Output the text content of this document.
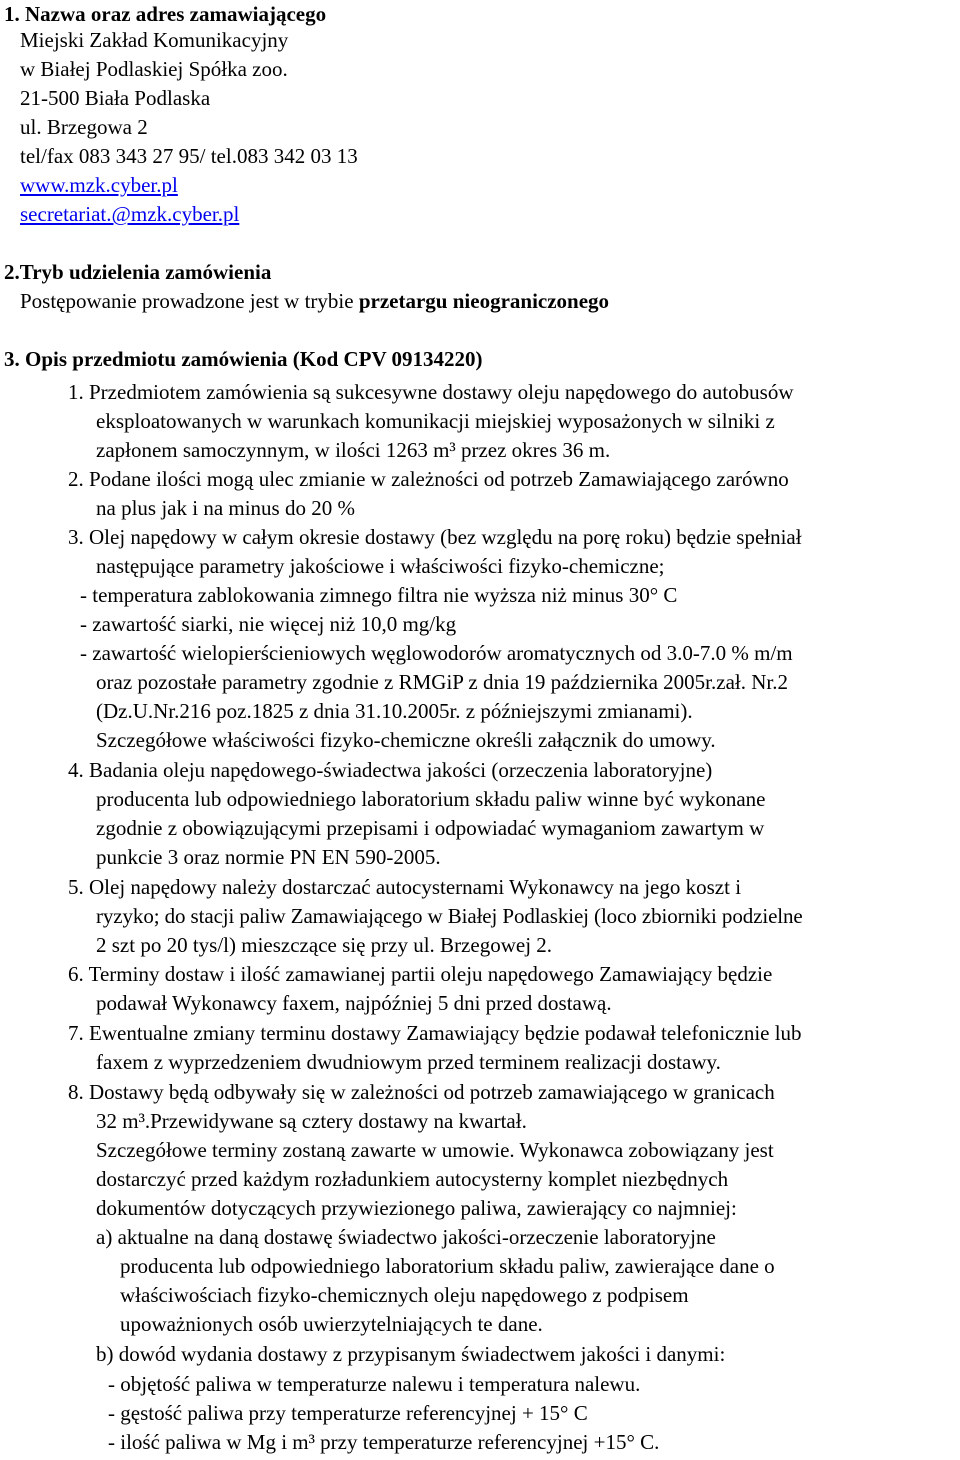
1. Nazwa oraz adres zamawiającego
Miejski Zakład Komunikacyjny
w Białej Podlaskiej Spółka zoo.
21-500 Biała Podlaska
ul. Brzegowa 2
tel/fax 083 343 27 95/ tel.083 342 03 13
www.mzk.cyber.pl
secretariat.@mzk.cyber.pl
2.Tryb udzielenia zamówienia
Postępowanie prowadzone jest w trybie przetargu nieograniczonego
3. Opis przedmiotu zamówienia (Kod CPV 09134220)
1. Przedmiotem zamówienia są sukcesywne dostawy oleju napędowego do autobusów
eksploatowanych w warunkach komunikacji miejskiej wyposażonych w silniki z
zapłonem samoczynnym, w ilości 1263 m³ przez okres 36 m.
2. Podane ilości mogą ulec zmianie w zależności od potrzeb Zamawiającego zarówno
na plus jak i na minus do 20 %
3. Olej napędowy w całym okresie dostawy (bez względu na porę roku) będzie spełniał
następujące parametry jakościowe i właściwości fizyko-chemiczne;
- temperatura zablokowania zimnego filtra nie wyższa niż minus 30° C
- zawartość siarki, nie więcej niż 10,0 mg/kg
- zawartość wielopierścieniowych węglowodorów aromatycznych od 3.0-7.0 % m/m
oraz pozostałe parametry zgodnie z RMGiP z dnia 19 października 2005r.zał. Nr.2
(Dz.U.Nr.216 poz.1825 z dnia 31.10.2005r. z późniejszymi zmianami).
Szczegółowe właściwości fizyko-chemiczne określi załącznik do umowy.
4. Badania oleju napędowego-świadectwa jakości (orzeczenia laboratoryjne)
producenta lub odpowiedniego laboratorium składu paliw winne być wykonane
zgodnie z obowiązującymi przepisami i odpowiadać wymaganiom zawartym w
punkcie 3 oraz normie PN EN 590-2005.
5. Olej napędowy należy dostarczać autocysternami Wykonawcy na jego koszt i
ryzyko; do stacji paliw Zamawiającego w Białej Podlaskiej (loco zbiorniki podzielne
2 szt po 20 tys/l) mieszczące się przy ul. Brzegowej 2.
6. Terminy dostaw i ilość zamawianej partii oleju napędowego Zamawiający będzie
podawał Wykonawcy faxem, najpóźniej 5 dni przed dostawą.
7. Ewentualne zmiany terminu dostawy Zamawiający będzie podawał telefonicznie lub
faxem z wyprzedzeniem dwudniowym przed terminem realizacji dostawy.
8. Dostawy będą odbywały się w zależności od potrzeb zamawiającego w granicach
32 m³.Przewidywane są cztery dostawy na kwartał.
Szczegółowe terminy zostaną zawarte w umowie. Wykonawca zobowiązany jest
dostarczyć przed każdym rozładunkiem autocysterny komplet niezbędnych
dokumentów dotyczących przywiezionego paliwa, zawierający co najmniej:
a) aktualne na daną dostawę świadectwo jakości-orzeczenie laboratoryjne
producenta lub odpowiedniego laboratorium składu paliw, zawierające dane o
właściwościach fizyko-chemicznych oleju napędowego z podpisem
upoważnionych osób uwierzytelniających te dane.
b) dowód wydania dostawy z przypisanym świadectwem jakości i danymi:
- objętość paliwa w temperaturze nalewu i temperatura nalewu.
- gęstość paliwa przy temperaturze referencyjnej + 15° C
- ilość paliwa w Mg i m³ przy temperaturze referencyjnej +15° C.
